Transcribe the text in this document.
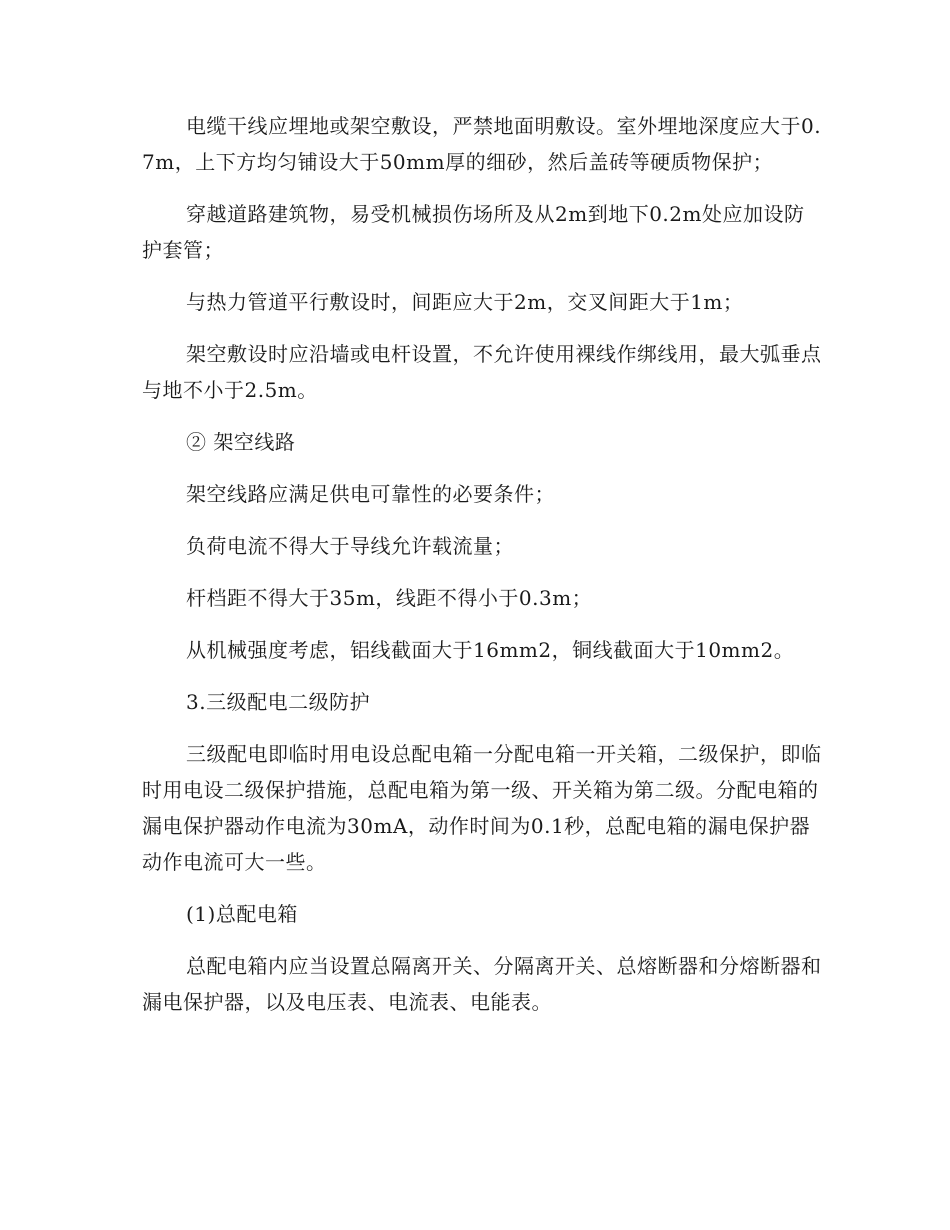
电缆干线应埋地或架空敷设，严禁地面明敷设。室外埋地深度应大于0.7m，上下方均匀铺设大于50mm厚的细砂，然后盖砖等硬质物保护；

穿越道路建筑物，易受机械损伤场所及从2m到地下0.2m处应加设防护套管；

与热力管道平行敷设时，间距应大于2m，交叉间距大于1m；

架空敷设时应沿墙或电杆设置，不允许使用裸线作绑线用，最大弧垂点与地不小于2.5m。

② 架空线路

架空线路应满足供电可靠性的必要条件；

负荷电流不得大于导线允许载流量；

杆档距不得大于35m，线距不得小于0.3m；

从机械强度考虑，铝线截面大于16mm2，铜线截面大于10mm2。

3.三级配电二级防护

三级配电即临时用电设总配电箱一分配电箱一开关箱，二级保护，即临时用电设二级保护措施，总配电箱为第一级、开关箱为第二级。分配电箱的漏电保护器动作电流为30mA，动作时间为0.1秒，总配电箱的漏电保护器动作电流可大一些。

(1)总配电箱

总配电箱内应当设置总隔离开关、分隔离开关、总熔断器和分熔断器和漏电保护器，以及电压表、电流表、电能表。
